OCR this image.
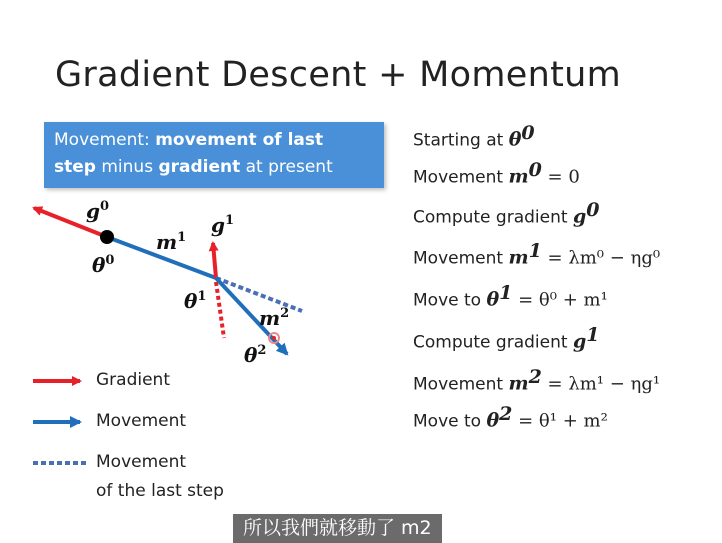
Gradient Descent + Momentum
Movement: movement of last
step minus gradient at present
Starting at $\theta^0$
Movement $m^0 = 0$
Compute gradient $g^0$
Movement $m^1 = \lambda m^0 - \eta g^0$
Move to $\theta^1 = \theta^0 + m^1$
Compute gradient $g^1$
Movement $m^2 = \lambda m^1 - \eta g^1$
Move to $\theta^2 = \theta^1 + m^2$
$g^0$
$\theta^0$
$m^1$
$g^1$
$\theta^1$
$m^2$
$\theta^2$
Gradient
Movement
Movement
of the last step
所以我們就移動了 m2
